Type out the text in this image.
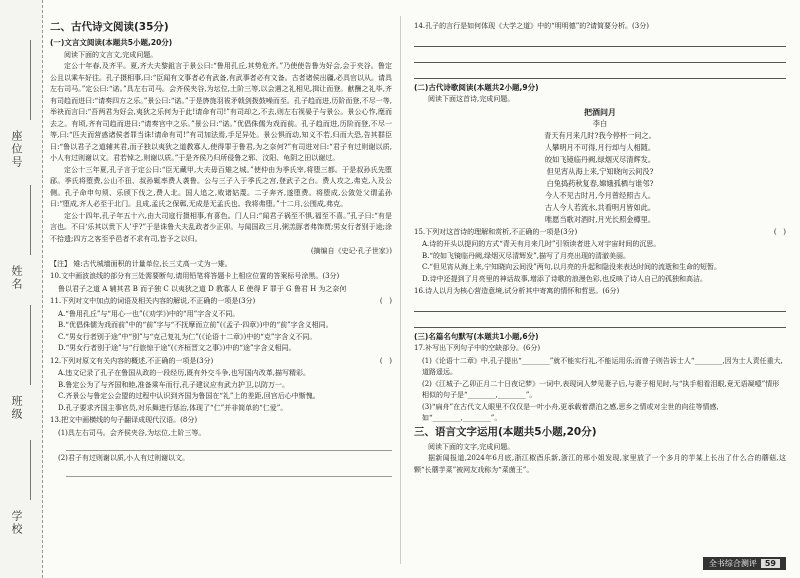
座位号
姓名
班级
学校
二、古代诗文阅读(35分)
(一)文言文阅读(本题共5小题,20分)

阅读下面的文言文,完成问题。

定公十年春,及齐平。夏,齐大夫黎鉏言于景公曰:“鲁用孔丘,其势危齐。”乃使使告鲁为好会,会于夹谷。鲁定公且以乘车好往。孔子摄相事,曰:“臣闻有文事者必有武备,有武事者必有文备。古者诸侯出疆,必具官以从。请具左右司马。”定公曰:“诺。”具左右司马。会齐侯夹谷,为坛位,土阶三等,以会遇之礼相见,揖让而登。献酬之礼毕,齐有司趋而进曰:“请奏四方之乐。”景公曰:“诺。”于是旍旄羽袚矛戟剑拨鼓噪而至。孔子趋而进,历阶而登,不尽一等,举袂而言曰:“吾两君为好会,夷狄之乐何为于此!请命有司!”有司却之,不去,则左右视晏子与景公。景公心怍,麾而去之。有顷,齐有司趋而进曰:“请奏宫中之乐。”景公曰:“诺。”优倡侏儒为戏而前。孔子趋而进,历阶而登,不尽一等,曰:“匹夫而营惑诸侯者罪当诛!请命有司!”有司加法焉,手足异处。景公惧而动,知义不若,归而大恐,告其群臣曰:“鲁以君子之道辅其君,而子独以夷狄之道教寡人,使得罪于鲁君,为之奈何?”有司进对曰:“君子有过则谢以质,小人有过则谢以文。君若悼之,则谢以质。”于是齐侯乃归所侵鲁之郓、汶阳、龟阴之田以谢过。

定公十三年夏,孔子言于定公曰:“臣无藏甲,大夫毋百雉之城。”使仲由为季氏宰,将堕三都。于是叔孙氏先堕郈。季氏将堕费,公山不狃、叔孙辄率费人袭鲁。公与三子入于季氏之宫,登武子之台。费人攻之,弗克,入及公侧。孔子命申句须、乐颀下伐之,费人北。国人追之,败诸姑蔑。二子奔齐,遂堕费。将堕成,公敛处父谓孟孙曰:“堕成,齐人必至于北门。且成,孟氏之保鄣,无成是无孟氏也。我将弗堕。”十二月,公围成,弗克。

定公十四年,孔子年五十六,由大司寇行摄相事,有喜色。门人曰:“闻君子祸至不惧,福至不喜。”孔子曰:“有是言也。不曰‘乐其以贵下人’乎?”于是诛鲁大夫乱政者少正卯。与闻国政三月,粥羔豚者弗饰贾;男女行者别于途;涂不拾遗;四方之客至乎邑者不求有司,皆予之以归。

(摘编自《史记·孔子世家》)
【注】 雉:古代城墙面积的计量单位,长三丈高一丈为一雉。
10.文中画波浪线的部分有三处需要断句,请用铅笔将答题卡上相应位置的答案标号涂黑。(3分)
鲁以君子之道 A 辅其君 B 而子独 C 以夷狄之道 D 教寡人 E 使得 F 罪于 G 鲁君 H 为之奈何
11.下列对文中加点的词语及相关内容的解说,不正确的一项是(3分)	(   )
A.“鲁用孔丘”与“用心一也”(《劝学》)中的“用”字含义不同。
B.“优倡侏儒为戏而前”中的“前”字与“不抚摩而立前”(《孟子·四章》)中的“前”字含义相同。
C.“男女行者别于途”中“别”与“克己复礼为仁”(《论语十二章》)中的“克”字含义不同。
D.“男女行者别于途”与“行旅惊于途”(《齐桓晋文之事》)中的“途”字含义相同。
12.下列对原文有关内容的概述,不正确的一项是(3分)	(   )
A.违文记录了孔子在鲁国从政的一段经历,既有外交斗争,也写国内改革,描写精彩。
B.鲁定公为了与齐国和睦,准备乘车而行,孔子建议应有武力护卫,以防万一。
C.齐景公与鲁定公会盟的过程中认识到齐国为鲁国在“礼”上的差距,回宫后心中惭愧。
D.孔子要求齐国主事官员,对乐舞进行惩治,体现了“仁”并非简单的“仁爱”。
13.把文中画横线的句子翻译成现代汉语。(8分)
(1)具左右司马。会齐侯夹谷,为坛位,土阶三等。
(2)君子有过则谢以质,小人有过则谢以文。
14.孔子的言行是如何体现《大学之道》中的“明明德”的?请简要分析。(3分)
(二)古代诗歌阅读(本题共2小题,9分)

阅读下面这首诗,完成问题。

把酒问月
李白
青天有月来几时?我今停杯一问之。
人攀明月不可得,月行却与人相随。
皎如飞镜临丹阙,绿烟灭尽清辉发。
但见宵从海上来,宁知晓向云间没?
白兔捣药秋复春,嫦娥孤栖与谁邻?
今人不见古时月,今月曾经照古人。
古人今人若流水,共看明月皆如此。
唯愿当歌对酒时,月光长照金樽里。
15.下列对这首诗的理解和赏析,不正确的一项是(3分)	(   )
A.诗的开头以提问的方式“青天有月来几时”引领读者进入对宇宙时间的沉思。
B.“皎如飞镜临丹阙,绿烟灭尽清辉发”,描写了月亮出现的清澈美丽。
C.“但见宵从海上来,宁知晓向云间没”两句,以月亮的升起和隐没来表达时间的流逝和生命的短暂。
D.诗中还提到了月亮里的神话故事,增添了诗歌的浪漫色彩,也反映了诗人自己的孤独和高洁。
16.诗人以月为核心营造意境,试分析其中寄寓的情怀和哲思。(6分)
(三)名篇名句默写(本题共1小题,6分)
17.补写出下列句子中的空缺部分。(6分)
(1)《论语十二章》中,孔子提出“________”就不能实行礼,不能运用乐;而曾子则告诉士人“________,因为士人责任重大,道路遥远。
(2)《江城子·乙卯正月二十日夜记梦》一词中,表现词人梦见妻子后,与妻子相见时,与“执手相看泪眼,竟无语凝噎”情形相似的句子是“________,________”。
(3)“扁舟”在古代文人眼里不仅仅是一叶小舟,更承载着漂泊之感,思乡之情或对尘世的向往等情感,如“________,________”。
三、语言文字运用(本题共5小题,20分)

阅读下面的文字,完成问题。

据新闻报道,2024年6月底,浙江椒酉乐新,浙江的邢小姐发现,家里放了一个多月的芋某上长出了什么合的蘑菇,这颗“长蘑芋菜”被网友戏称为“菜菌王”。

全书综合测评 59
